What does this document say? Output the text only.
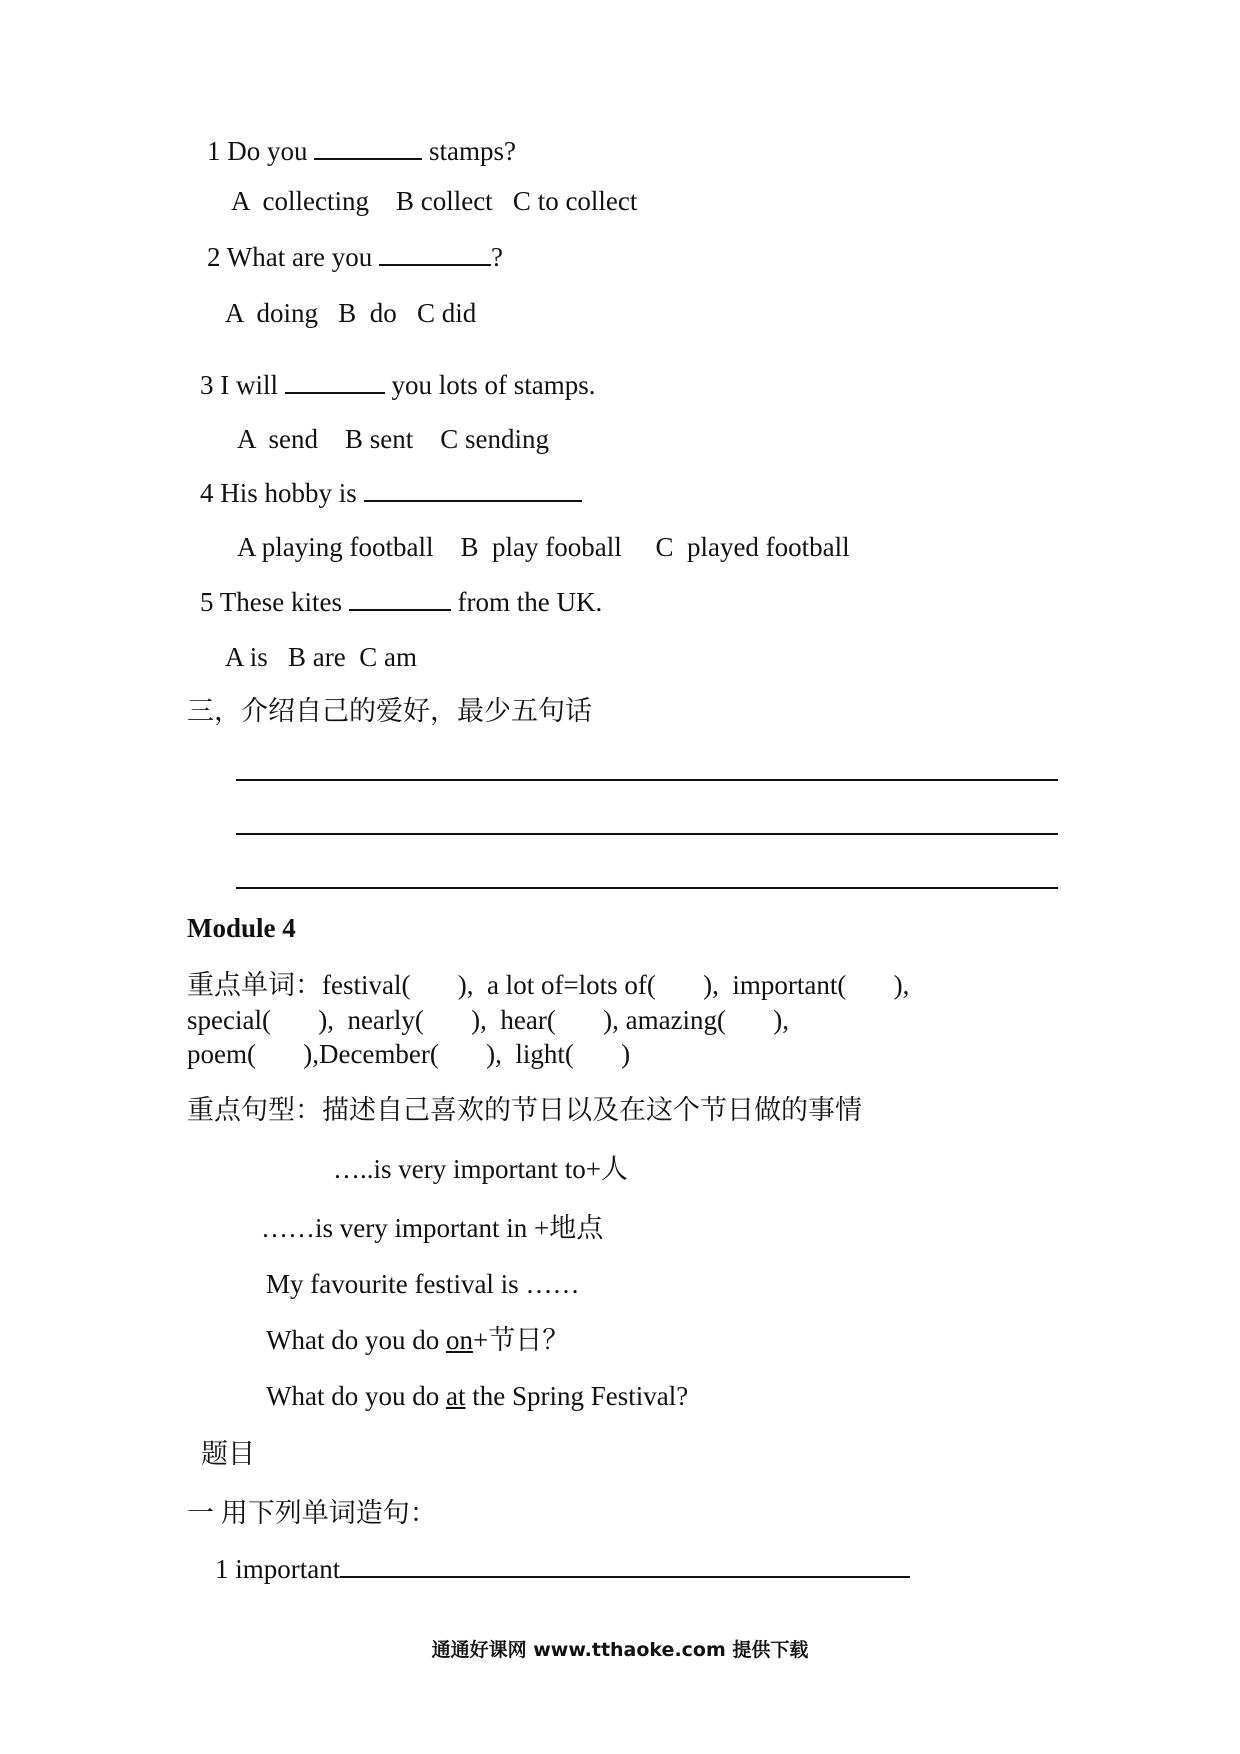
1 Do you	stamps?
A  collecting    B collect   C to collect
2 What are you	?
A  doing   B  do   C did
3 I will	you lots of stamps.
A  send    B sent    C sending
4 His hobby is
A playing football    B  play fooball     C  played football
5 These kites	from the UK.
A is   B are  C am
三，介绍自己的爱好，最少五句话
Module 4
重点单词：festival(       ),  a lot of=lots of(       ),  important(       ),
special(       ),  nearly(       ),  hear(       ), amazing(       ),
poem(       ),December(       ),  light(       )
重点句型：描述自己喜欢的节日以及在这个节日做的事情
…..is very important to+人
……is very important in +地点
My favourite festival is ……
What do you do on+节日？
What do you do at the Spring Festival?
题目
一 用下列单词造句：
1 important
通通好课网 www.tthaoke.com 提供下载
